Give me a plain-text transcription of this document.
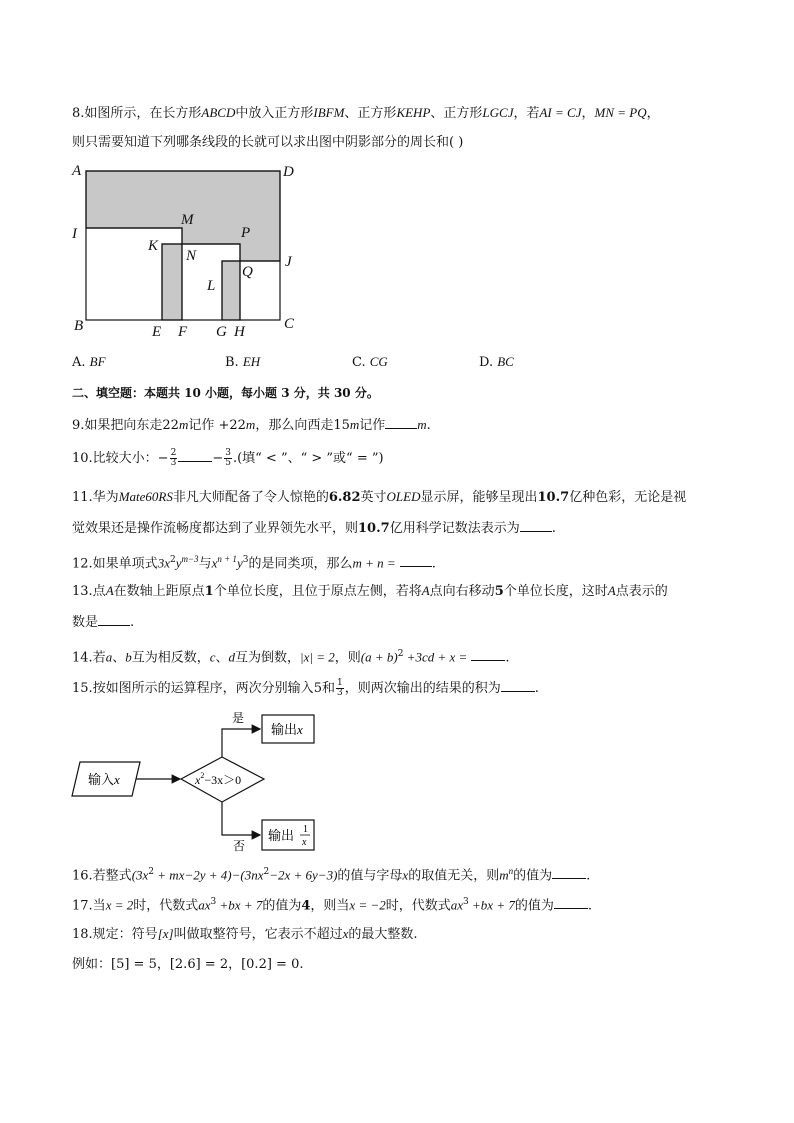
8.如图所示，在长方形ABCD中放入正方形IBFM、正方形KEHP、正方形LGCJ，若AI = CJ，MN = PQ，
则只需要知道下列哪条线段的长就可以求出图中阴影部分的周长和( )
A	D
I
M
K
N
P
J
Q
L
B	E F G H	C
A. BF	B. EH	C. CG	D. BC
二、填空题：本题共 10 小题，每小题 3 分，共 30 分。
9.如果把向东走22m记作 +22m，那么向西走15m记作 m.
10.比较大小：− $\frac{2}{3}$	− $\frac{3}{5}$ .(填“ < ”、“ > ”或“ = ”)
11.华为Mate60RS非凡大师配备了令人惊艳的6.82英寸OLED显示屏，能够呈现出10.7亿种色彩，无论是视
觉效果还是操作流畅度都达到了业界领先水平，则10.7亿用科学记数法表示为 .
12.如果单项式$3x^2y^{m-3}$与$x^{n + 1}y^3$的是同类项，那么m + n =	.
13.点A在数轴上距原点1个单位长度，且位于原点左侧，若将A点向右移动5个单位长度，这时A点表示的
数是 .
14.若a、b互为相反数，c、d互为倒数，|x| = 2，则$(a + b)^2 +3cd + x$ =	.
15.按如图所示的运算程序，两次分别输入5和 $\frac{1}{3}$ ，则两次输出的结果的积为	.
输入x	$x^2-3x>0$
是
输出x
否
输出 1
x
16.若整式$(3x^2 + mx-2y + 4)-(3nx^2-2x + 6y-3)$的值与字母x的取值无关，则$m^n$的值为	.
17.当x = 2时，代数式$ax^3 +bx + 7$的值为4，则当x = −2时，代数式$ax^3 +bx + 7$的值为	.
18.规定：符号[x]叫做取整符号，它表示不超过x的最大整数.
例如：[5] = 5，[2.6] = 2，[0.2] = 0.
